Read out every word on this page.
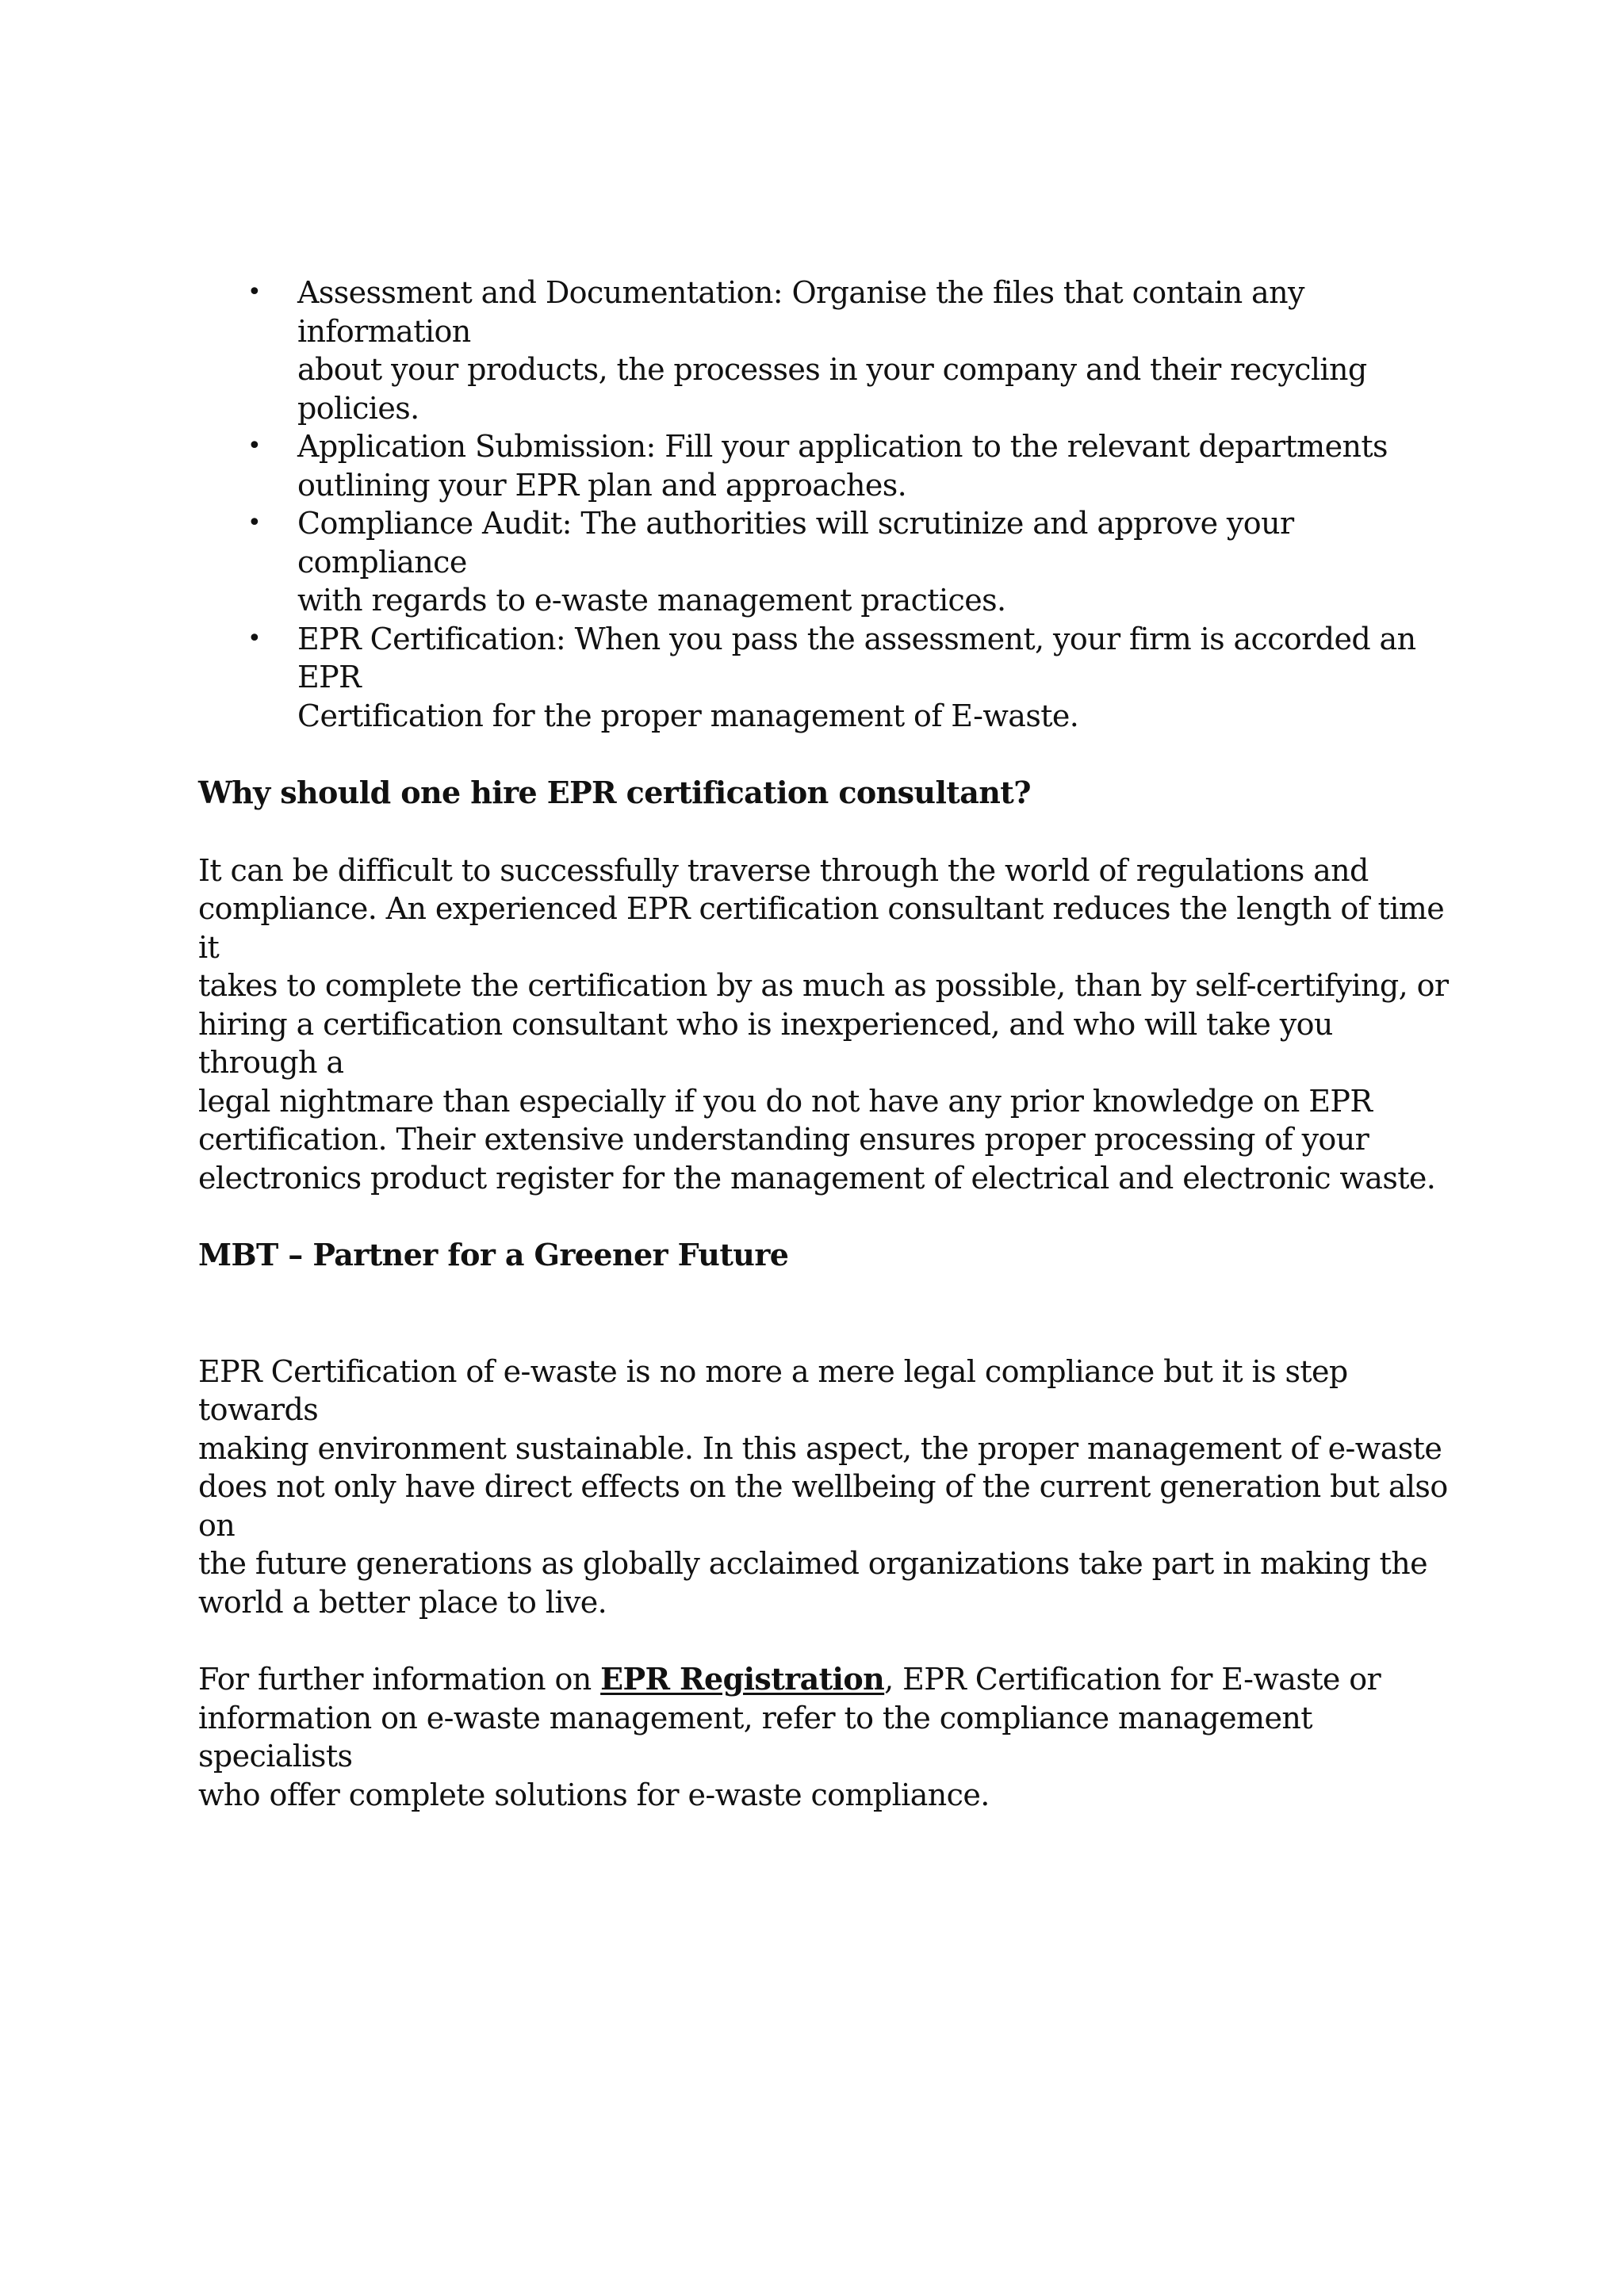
• Assessment and Documentation: Organise the files that contain any information
about your products, the processes in your company and their recycling policies.
• Application Submission: Fill your application to the relevant departments
outlining your EPR plan and approaches.
• Compliance Audit: The authorities will scrutinize and approve your compliance
with regards to e-waste management practices.
• EPR Certification: When you pass the assessment, your firm is accorded an EPR
Certification for the proper management of E-waste.
Why should one hire EPR certification consultant?

It can be difficult to successfully traverse through the world of regulations and
compliance. An experienced EPR certification consultant reduces the length of time it
takes to complete the certification by as much as possible, than by self-certifying, or
hiring a certification consultant who is inexperienced, and who will take you through a
legal nightmare than especially if you do not have any prior knowledge on EPR
certification. Their extensive understanding ensures proper processing of your
electronics product register for the management of electrical and electronic waste.

MBT – Partner for a Greener Future

EPR Certification of e-waste is no more a mere legal compliance but it is step towards
making environment sustainable. In this aspect, the proper management of e-waste
does not only have direct effects on the wellbeing of the current generation but also on
the future generations as globally acclaimed organizations take part in making the
world a better place to live.

For further information on EPR Registration, EPR Certification for E-waste or
information on e-waste management, refer to the compliance management specialists
who offer complete solutions for e-waste compliance.
